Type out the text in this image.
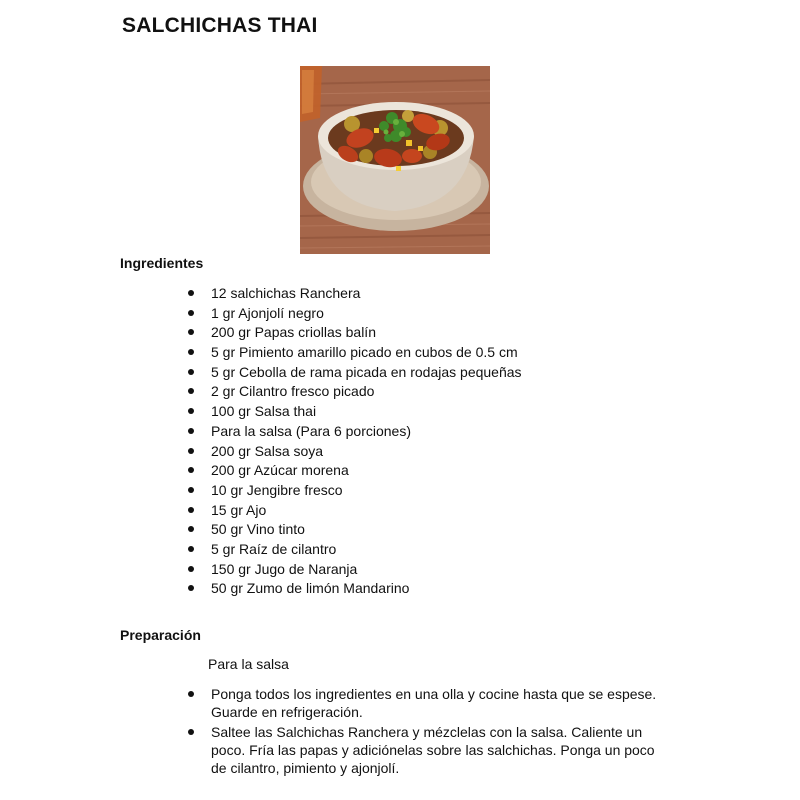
SALCHICHAS THAI
Ingredientes
12 salchichas Ranchera
1 gr Ajonjolí negro
200 gr Papas criollas balín
5 gr Pimiento amarillo picado en cubos de 0.5 cm
5 gr Cebolla de rama picada en rodajas pequeñas
2 gr Cilantro fresco picado
100 gr Salsa thai
Para la salsa (Para 6 porciones)
200 gr Salsa soya
200 gr Azúcar morena
10 gr Jengibre fresco
15 gr Ajo
50 gr Vino tinto
5 gr Raíz de cilantro
150 gr Jugo de Naranja
50 gr Zumo de limón Mandarino
Preparación

Para la salsa

Ponga todos los ingredientes en una olla y cocine hasta que se espese. Guarde en refrigeración.
Saltee las Salchichas Ranchera y mézclelas con la salsa. Caliente un poco. Fría las papas y adiciónelas sobre las salchichas. Ponga un poco de cilantro, pimiento y ajonjolí.
